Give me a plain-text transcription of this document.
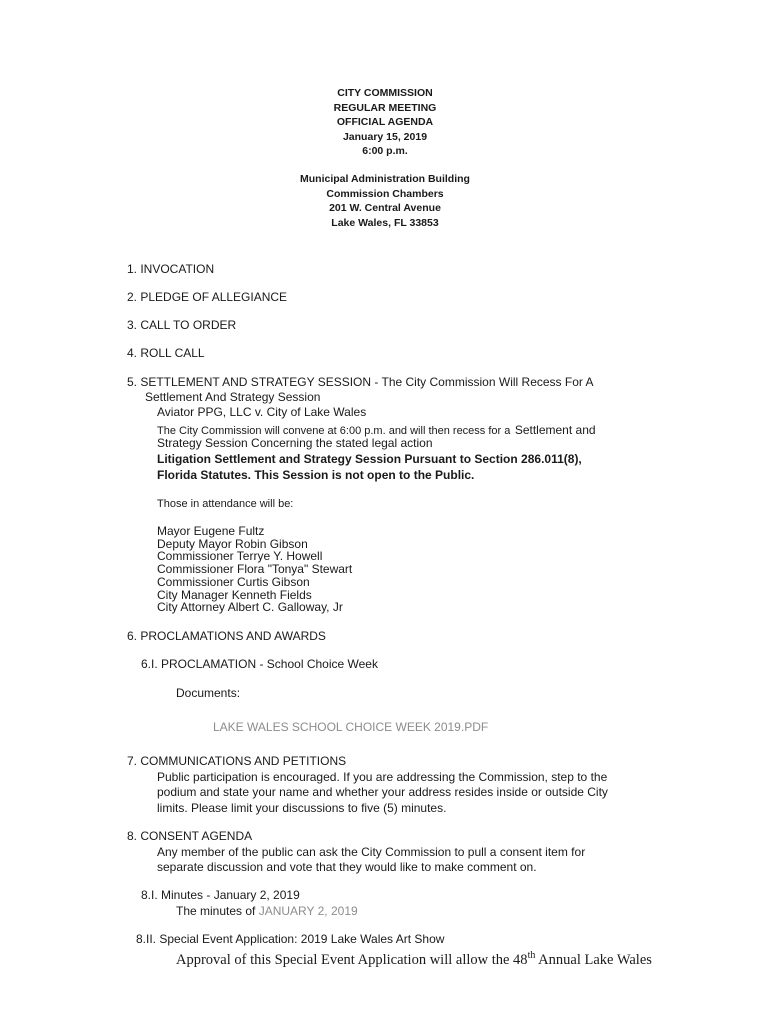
CITY COMMISSION
REGULAR MEETING
OFFICIAL AGENDA
January 15, 2019
6:00 p.m.
Municipal Administration Building
Commission Chambers
201 W. Central Avenue
Lake Wales, FL 33853
1. INVOCATION
2. PLEDGE OF ALLEGIANCE
3. CALL TO ORDER
4. ROLL CALL
5. SETTLEMENT AND STRATEGY SESSION - The City Commission Will Recess For A
Settlement And Strategy Session
Aviator PPG, LLC v. City of Lake Wales
The City Commission will convene at 6:00 p.m. and will then recess for a Settlement and
Strategy Session Concerning the stated legal action
Litigation Settlement and Strategy Session Pursuant to Section 286.011(8),
Florida Statutes. This Session is not open to the Public.
Those in attendance will be:
Mayor Eugene Fultz
Deputy Mayor Robin Gibson
Commissioner Terrye Y. Howell
Commissioner Flora "Tonya" Stewart
Commissioner Curtis Gibson
City Manager Kenneth Fields
City Attorney Albert C. Galloway, Jr
6. PROCLAMATIONS AND AWARDS
6.I. PROCLAMATION - School Choice Week
Documents:
LAKE WALES SCHOOL CHOICE WEEK 2019.PDF
7. COMMUNICATIONS AND PETITIONS
Public participation is encouraged. If you are addressing the Commission, step to the
podium and state your name and whether your address resides inside or outside City
limits. Please limit your discussions to five (5) minutes.
8. CONSENT AGENDA
Any member of the public can ask the City Commission to pull a consent item for
separate discussion and vote that they would like to make comment on.
8.I. Minutes - January 2, 2019
The minutes of JANUARY 2, 2019
8.II. Special Event Application: 2019 Lake Wales Art Show
Approval of this Special Event Application will allow the 48th Annual Lake Wales
